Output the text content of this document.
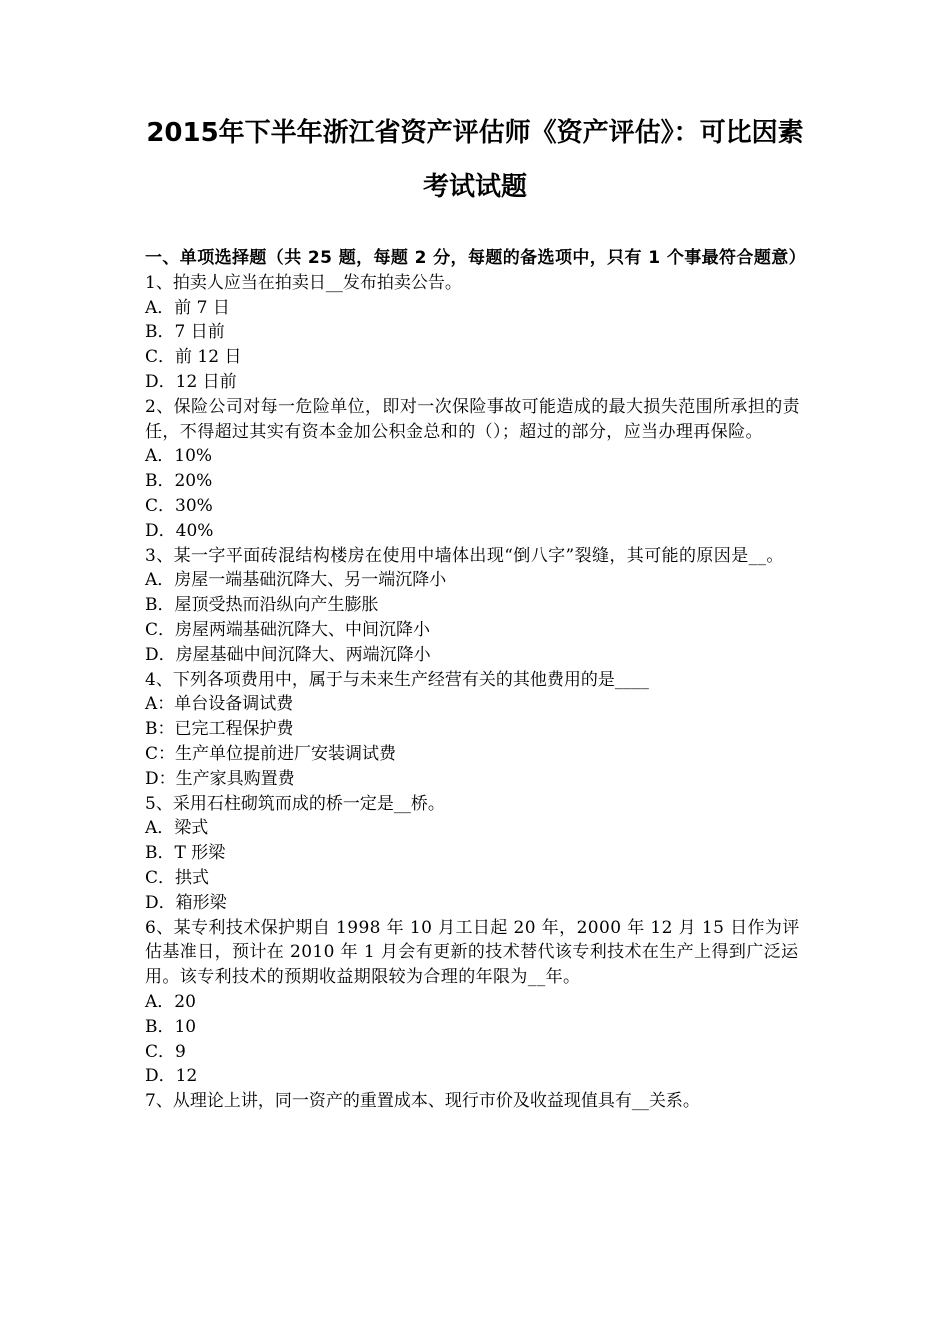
2015年下半年浙江省资产评估师《资产评估》：可比因素
考试试题
一、单项选择题（共 25 题，每题 2 分，每题的备选项中，只有 1 个事最符合题意）
1、拍卖人应当在拍卖日__发布拍卖公告。
A．前 7 日
B．7 日前
C．前 12 日
D．12 日前
2、保险公司对每一危险单位，即对一次保险事故可能造成的最大损失范围所承担的责任，不得超过其实有资本金加公积金总和的（）；超过的部分，应当办理再保险。
A．10%
B．20%
C．30%
D．40%
3、某一字平面砖混结构楼房在使用中墙体出现“倒八字”裂缝，其可能的原因是__。
A．房屋一端基础沉降大、另一端沉降小
B．屋顶受热而沿纵向产生膨胀
C．房屋两端基础沉降大、中间沉降小
D．房屋基础中间沉降大、两端沉降小
4、下列各项费用中，属于与未来生产经营有关的其他费用的是____
A：单台设备调试费
B：已完工程保护费
C：生产单位提前进厂安装调试费
D：生产家具购置费
5、采用石柱砌筑而成的桥一定是__桥。
A．梁式
B．T 形梁
C．拱式
D．箱形梁
6、某专利技术保护期自 1998 年 10 月工日起 20 年，2000 年 12 月 15 日作为评估基准日，预计在 2010 年 1 月会有更新的技术替代该专利技术在生产上得到广泛运用。该专利技术的预期收益期限较为合理的年限为__年。
A．20
B．10
C．9
D．12
7、从理论上讲，同一资产的重置成本、现行市价及收益现值具有__关系。
